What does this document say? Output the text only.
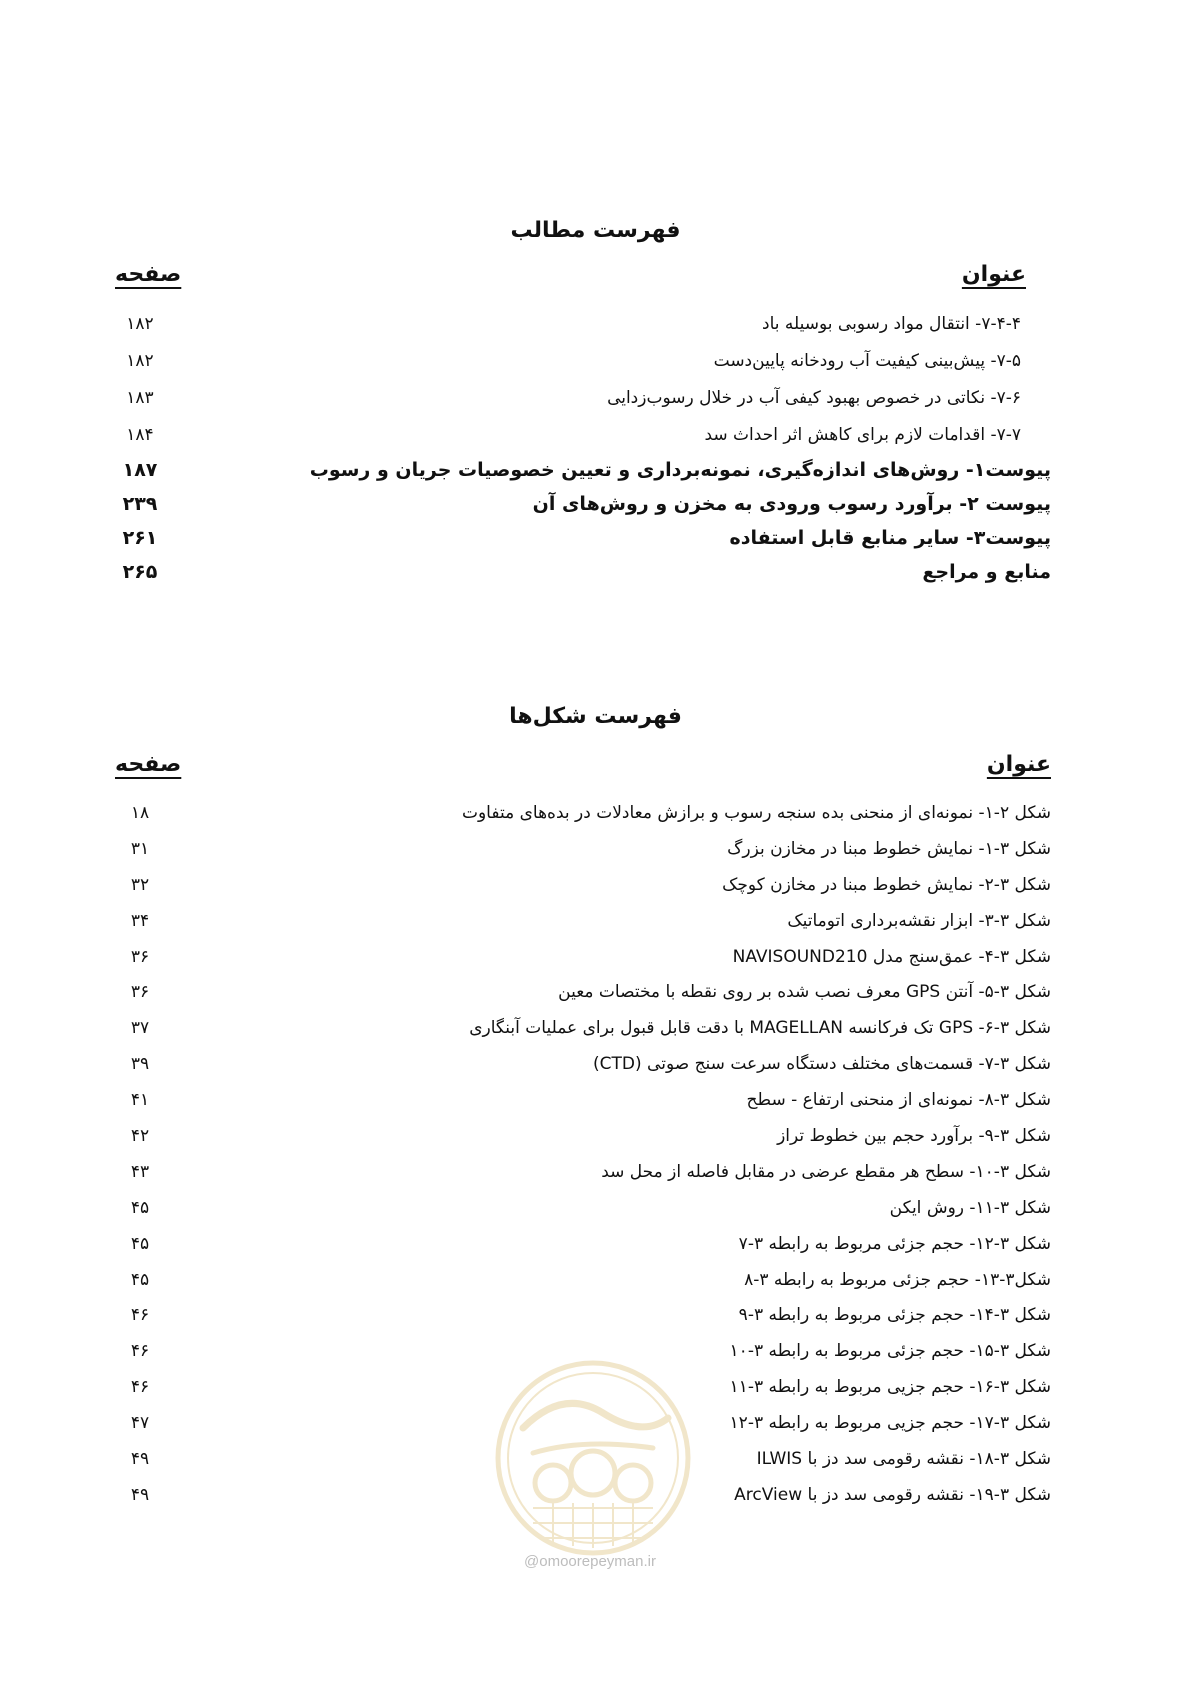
فهرست مطالب
عنوان
صفحه
۷-۴-۴- انتقال مواد رسوبی بوسیله باد
۱۸۲
۷-۵- پیش‌بینی کیفیت آب رودخانه پایین‌دست
۱۸۲
۷-۶- نکاتی در خصوص بهبود کیفی آب در خلال رسوب‌زدایی
۱۸۳
۷-۷- اقدامات لازم برای کاهش اثر احداث سد
۱۸۴
پیوست۱- روش‌های اندازه‌گیری، نمونه‌برداری و تعیین خصوصیات جریان و رسوب
۱۸۷
پیوست ۲- برآورد رسوب ورودی به مخزن و روش‌های آن
۲۳۹
پیوست۳- سایر منابع قابل استفاده
۲۶۱
منابع و مراجع
۲۶۵
فهرست شکل‌ها
عنوان
صفحه
شکل ۲-۱- نمونه‌ای از منحنی بده سنجه رسوب و برازش معادلات در بده‌های متفاوت
۱۸
شکل ۳-۱- نمایش خطوط مبنا در مخازن بزرگ
۳۱
شکل ۳-۲- نمایش خطوط مبنا در مخازن کوچک
۳۲
شکل ۳-۳- ابزار نقشه‌برداری اتوماتیک
۳۴
شکل ۳-۴- عمق‌سنج مدل NAVISOUND210
۳۶
شکل ۳-۵- آنتن GPS معرف نصب شده بر روی نقطه با مختصات معین
۳۶
شکل ۳-۶- GPS تک فرکانسه MAGELLAN با دقت قابل قبول برای عملیات آبنگاری
۳۷
شکل ۳-۷- قسمت‌های مختلف دستگاه سرعت سنج صوتی (CTD)
۳۹
شکل ۳-۸- نمونه‌ای از منحنی ارتفاع - سطح
۴۱
شکل ۳-۹- برآورد حجم بین خطوط تراز
۴۲
شکل ۳-۱۰- سطح هر مقطع عرضی در مقابل فاصله از محل سد
۴۳
شکل ۳-۱۱- روش ایکن
۴۵
شکل ۳-۱۲- حجم جزئی مربوط به رابطه ۳-۷
۴۵
شکل۳-۱۳- حجم جزئی مربوط به رابطه ۳-۸
۴۵
شکل ۳-۱۴- حجم جزئی مربوط به رابطه ۳-۹
۴۶
شکل ۳-۱۵- حجم جزئی مربوط به رابطه ۳-۱۰
۴۶
شکل ۳-۱۶- حجم جزیی مربوط به رابطه ۳-۱۱
۴۶
شکل ۳-۱۷- حجم جزیی مربوط به رابطه ۳-۱۲
۴۷
شکل ۳-۱۸- نقشه رقومی سد دز با ILWIS
۴۹
شکل ۳-۱۹- نقشه رقومی سد دز با ArcView
۴۹
@omoorepeyman.ir
